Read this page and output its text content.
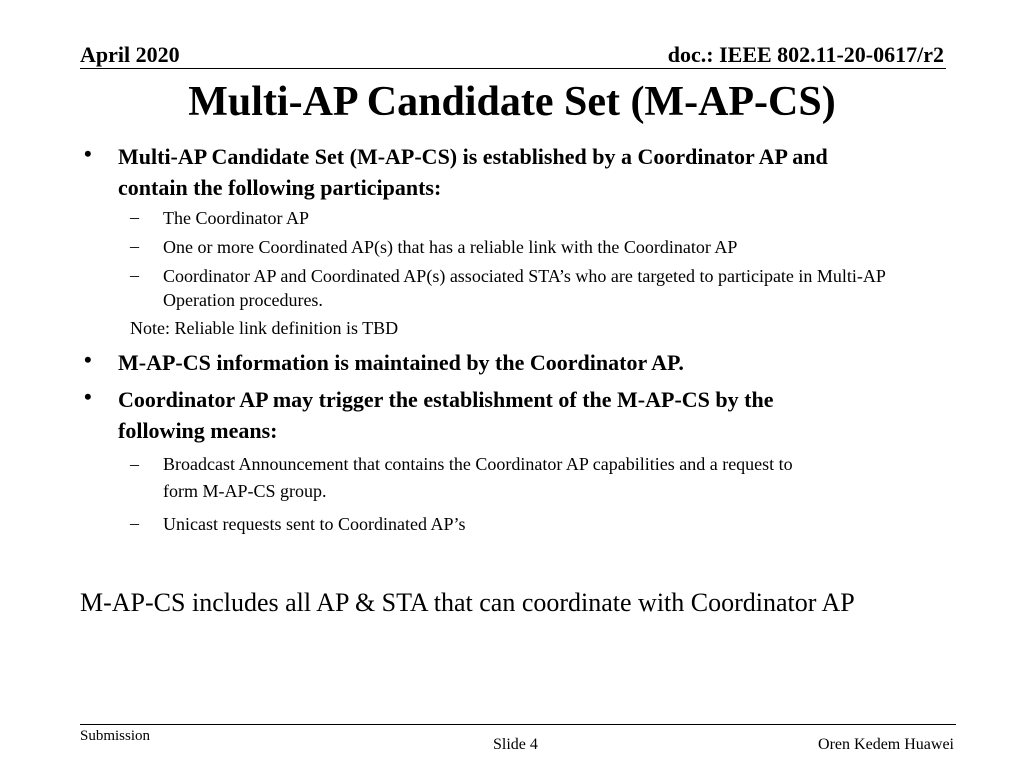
April 2020	doc.: IEEE 802.11-20-0617/r2
Multi-AP Candidate Set (M-AP-CS)
• Multi-AP Candidate Set (M-AP-CS) is established by a Coordinator AP and
contain the following participants:
– The Coordinator AP
– One or more Coordinated AP(s) that has a reliable link with the Coordinator AP
– Coordinator AP and Coordinated AP(s) associated STA’s who are targeted to participate in Multi-AP
Operation procedures.
Note: Reliable link definition is TBD
• M-AP-CS information is maintained by the Coordinator AP.
• Coordinator AP may trigger the establishment of the M-AP-CS by the
following means:
– Broadcast Announcement that contains the Coordinator AP capabilities and a request to
form M-AP-CS group.
– Unicast requests sent to Coordinated AP’s
M-AP-CS includes all AP & STA that can coordinate with Coordinator AP
Submission	Slide 4	Oren Kedem Huawei
